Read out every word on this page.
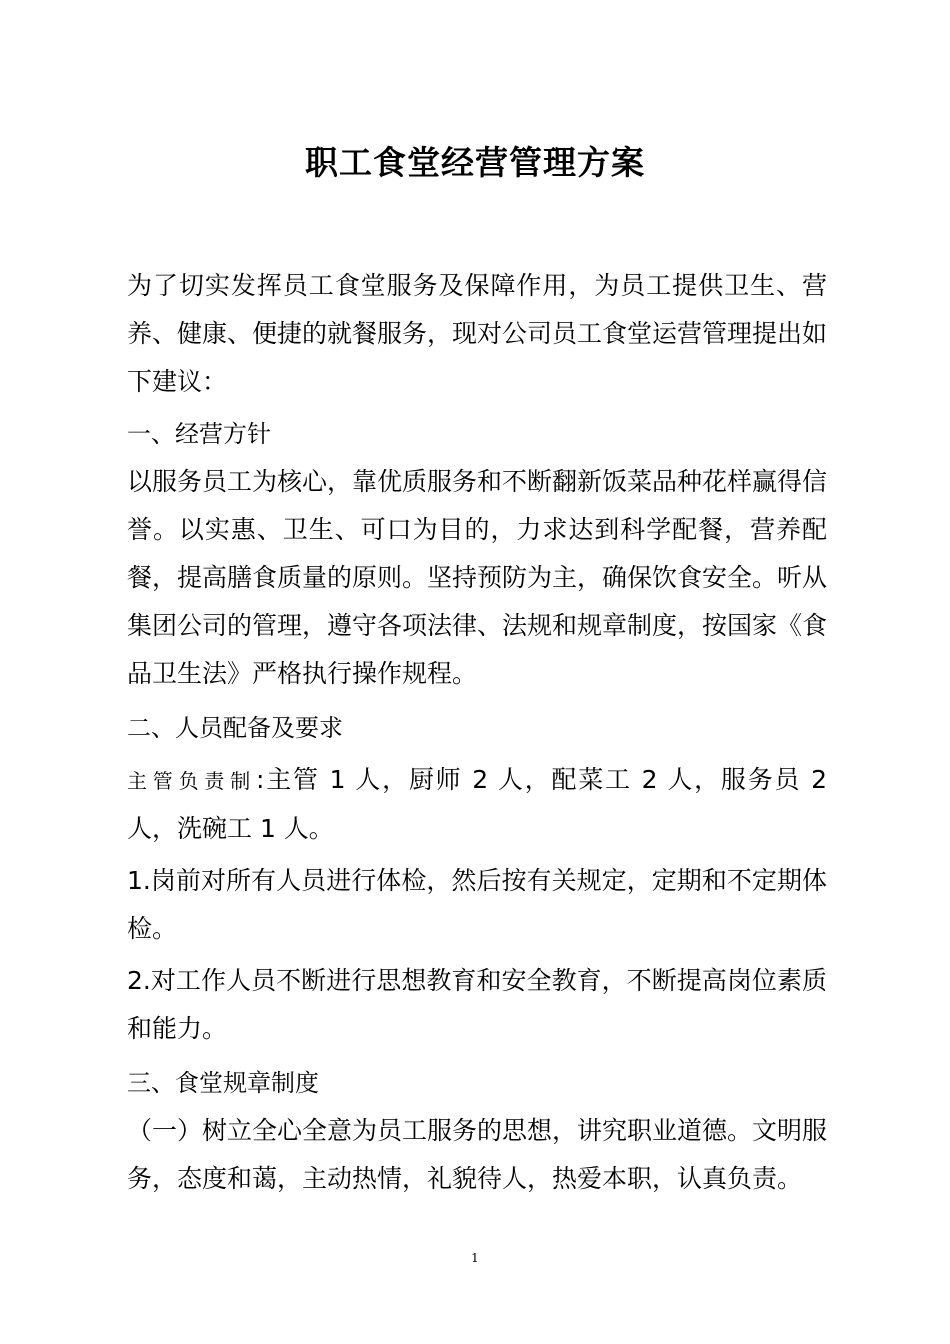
职工食堂经营管理方案

为了切实发挥员工食堂服务及保障作用，为员工提供卫生、营养、健康、便捷的就餐服务，现对公司员工食堂运营管理提出如下建议：

一、经营方针

以服务员工为核心，靠优质服务和不断翻新饭菜品种花样赢得信誉。以实惠、卫生、可口为目的，力求达到科学配餐，营养配餐，提高膳食质量的原则。坚持预防为主，确保饮食安全。听从集团公司的管理，遵守各项法律、法规和规章制度，按国家《食品卫生法》严格执行操作规程。

二、人员配备及要求

主管负责制:主管 1 人，厨师 2 人，配菜工 2 人，服务员 2 人，洗碗工 1 人。

1.岗前对所有人员进行体检，然后按有关规定，定期和不定期体检。

2.对工作人员不断进行思想教育和安全教育，不断提高岗位素质和能力。

三、食堂规章制度

（一）树立全心全意为员工服务的思想，讲究职业道德。文明服务，态度和蔼，主动热情，礼貌待人，热爱本职，认真负责。

1
